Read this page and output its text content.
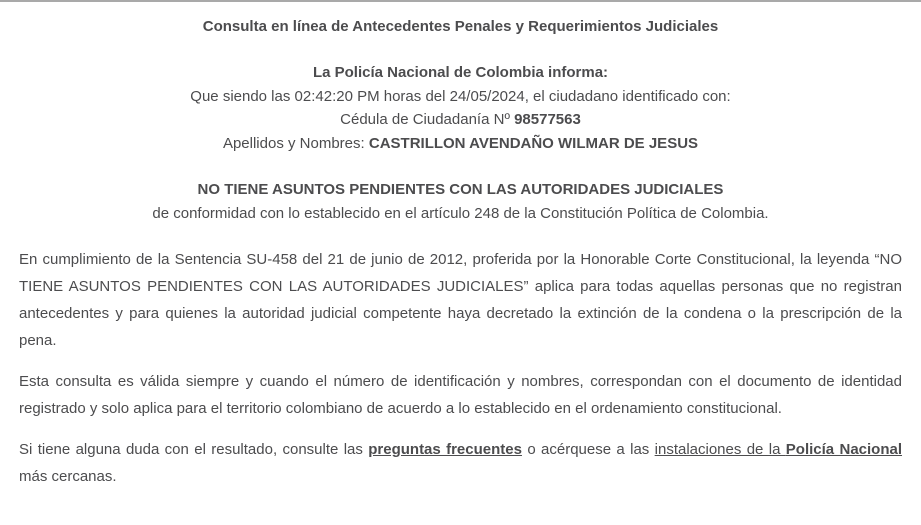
Consulta en línea de Antecedentes Penales y Requerimientos Judiciales

La Policía Nacional de Colombia informa:

Que siendo las 02:42:20 PM horas del 24/05/2024, el ciudadano identificado con:

Cédula de Ciudadanía Nº 98577563

Apellidos y Nombres: CASTRILLON AVENDAÑO WILMAR DE JESUS

NO TIENE ASUNTOS PENDIENTES CON LAS AUTORIDADES JUDICIALES

de conformidad con lo establecido en el artículo 248 de la Constitución Política de Colombia.

En cumplimiento de la Sentencia SU-458 del 21 de junio de 2012, proferida por la Honorable Corte Constitucional, la leyenda “NO TIENE ASUNTOS PENDIENTES CON LAS AUTORIDADES JUDICIALES” aplica para todas aquellas personas que no registran antecedentes y para quienes la autoridad judicial competente haya decretado la extinción de la condena o la prescripción de la pena.

Esta consulta es válida siempre y cuando el número de identificación y nombres, correspondan con el documento de identidad registrado y solo aplica para el territorio colombiano de acuerdo a lo establecido en el ordenamiento constitucional.

Si tiene alguna duda con el resultado, consulte las preguntas frecuentes o acérquese a las instalaciones de la Policía Nacional más cercanas.
